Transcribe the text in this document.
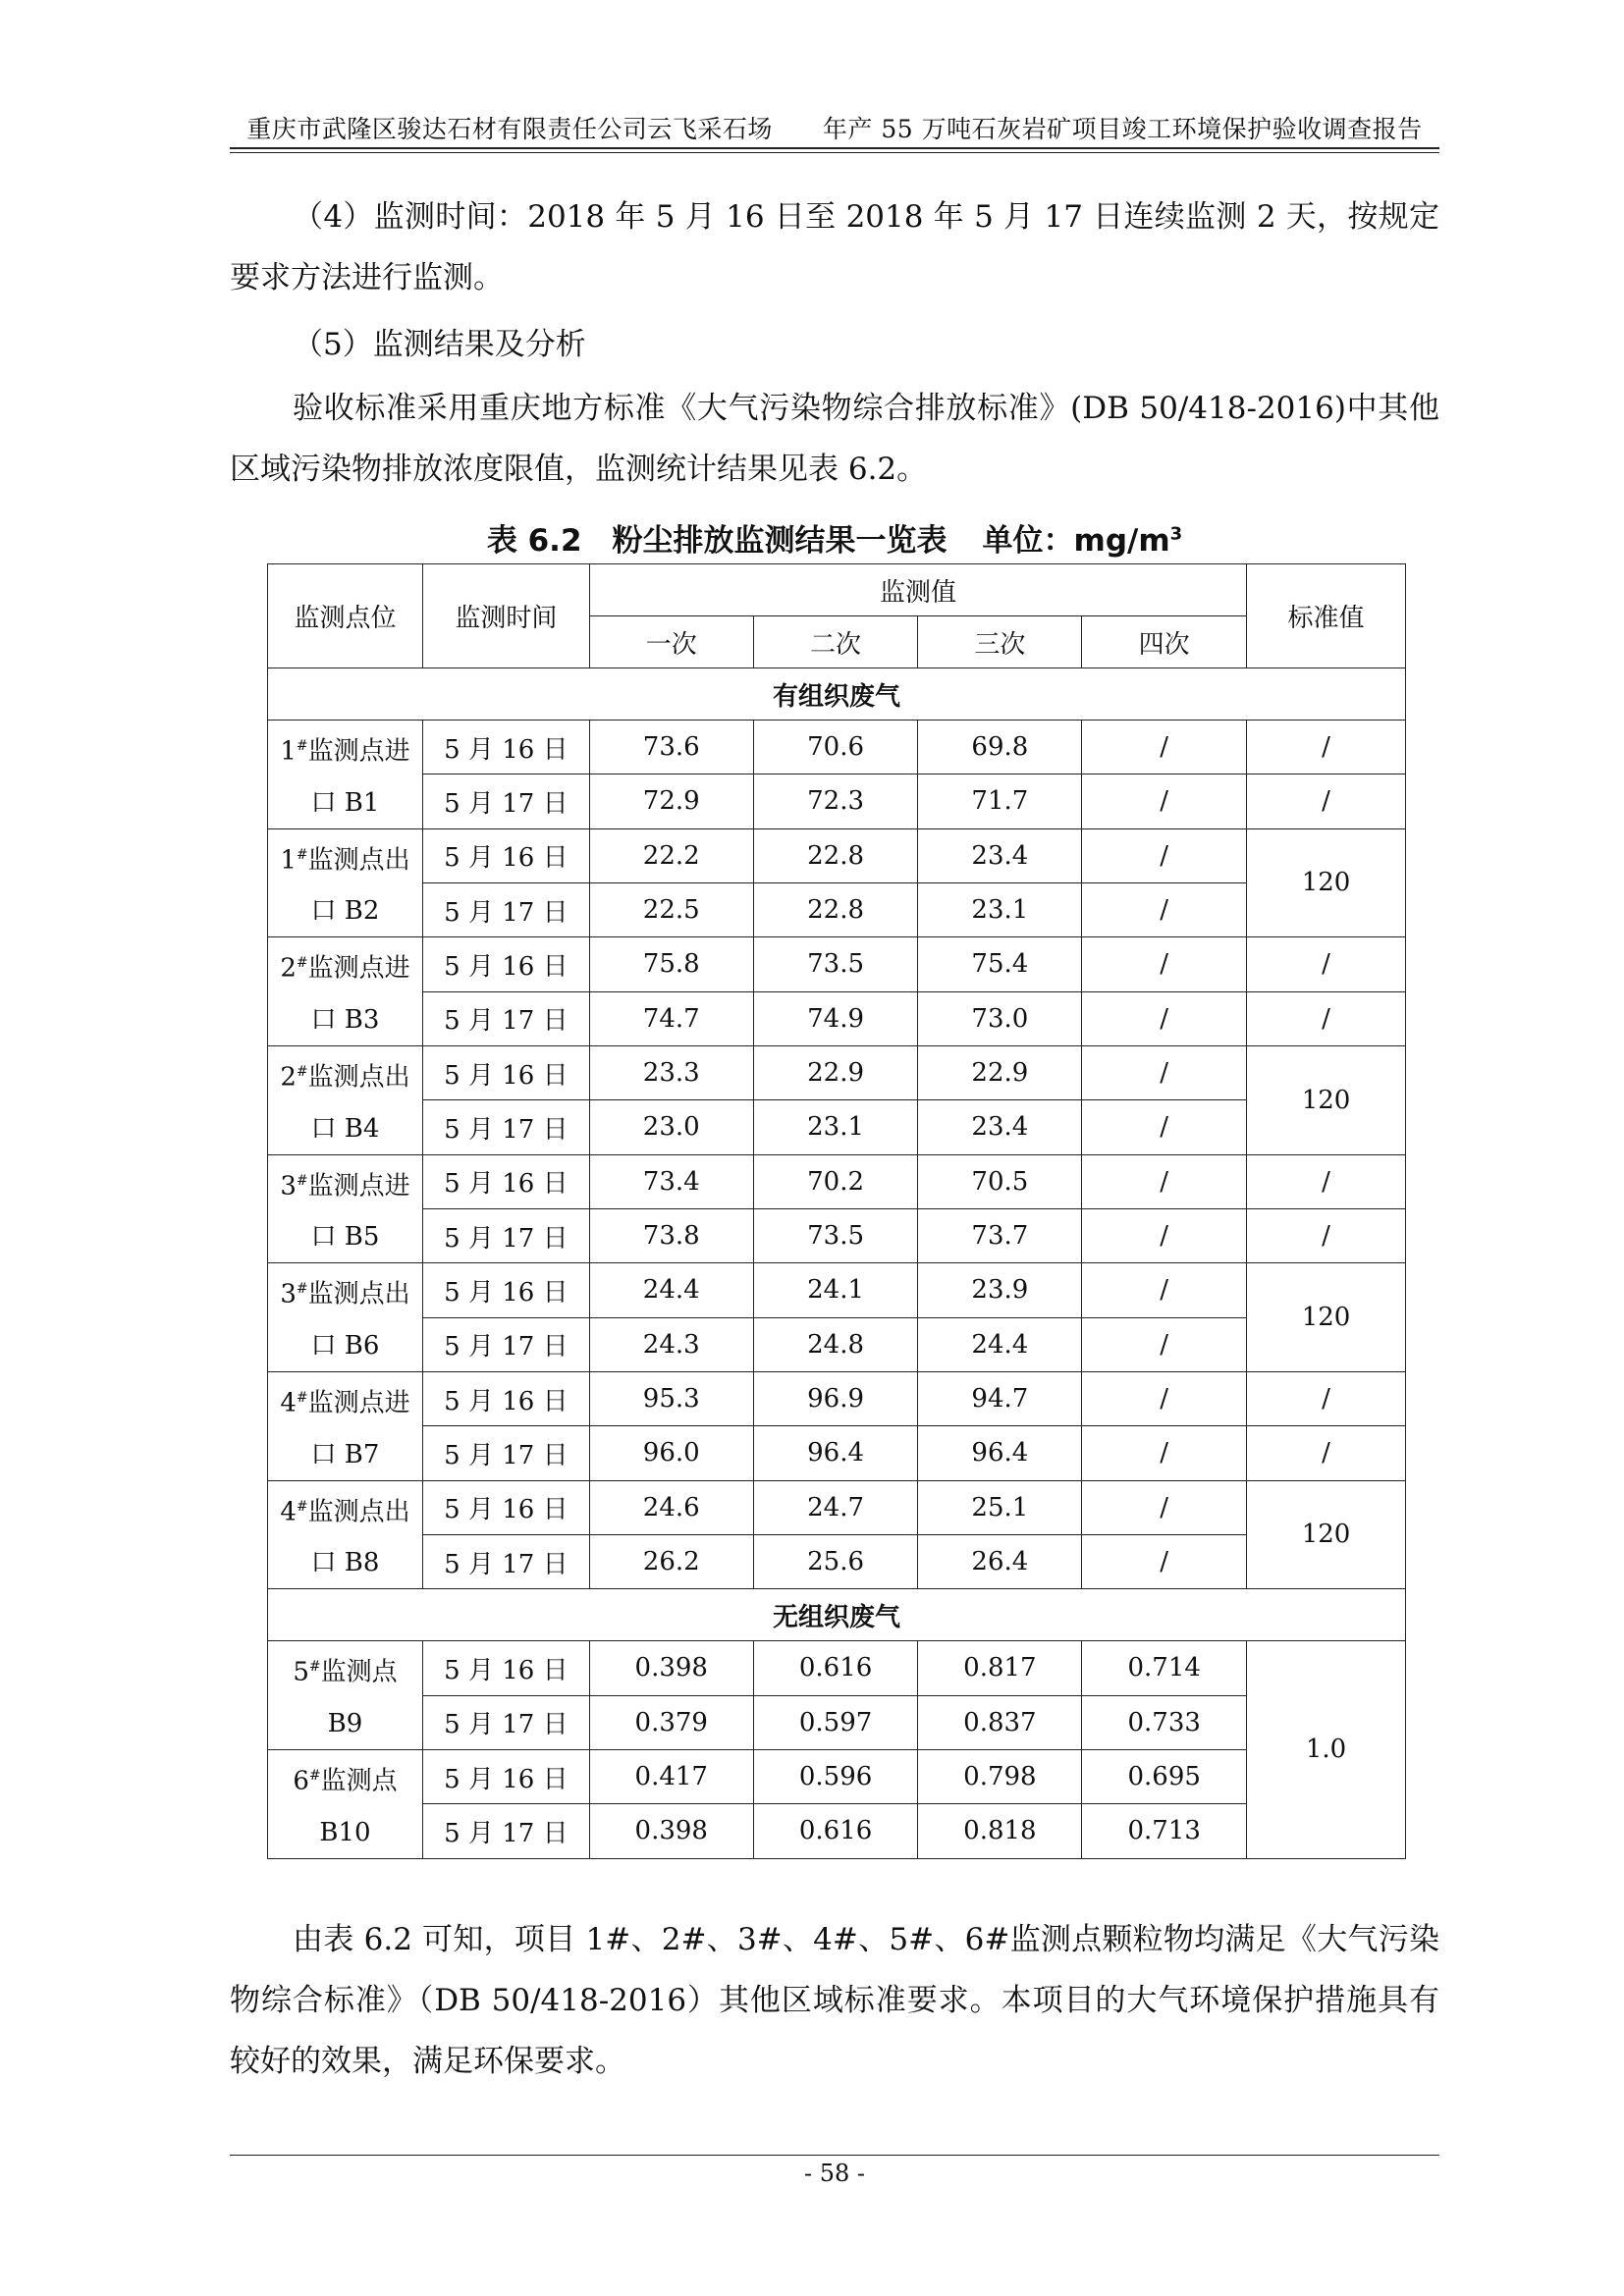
重庆市武隆区骏达石材有限责任公司云飞采石场　　年产 55 万吨石灰岩矿项目竣工环境保护验收调查报告
（4）监测时间：2018 年 5 月 16 日至 2018 年 5 月 17 日连续监测 2 天，按规定要求方法进行监测。
（5）监测结果及分析
验收标准采用重庆地方标准《大气污染物综合排放标准》(DB 50/418-2016)中其他区域污染物排放浓度限值，监测统计结果见表 6.2。
表 6.2　粉尘排放监测结果一览表 单位：$mg/m^3$
监测点位	监测时间	监测值				标准值
		一次	二次	三次	四次	
有组织废气						

1#监测点进
口 B1	5 月 16 日	73.6	70.6	69.8	/	/
	5 月 17 日	72.9	72.3	71.7	/	/

1#监测点出
口 B2	5 月 16 日	22.2	22.8	23.4	/	120
	5 月 17 日	22.5	22.8	23.1	/	

2#监测点进
口 B3	5 月 16 日	75.8	73.5	75.4	/	/
	5 月 17 日	74.7	74.9	73.0	/	/

2#监测点出
口 B4	5 月 16 日	23.3	22.9	22.9	/	120
	5 月 17 日	23.0	23.1	23.4	/	

3#监测点进
口 B5	5 月 16 日	73.4	70.2	70.5	/	/
	5 月 17 日	73.8	73.5	73.7	/	/

3#监测点出
口 B6	5 月 16 日	24.4	24.1	23.9	/	120
	5 月 17 日	24.3	24.8	24.4	/	

4#监测点进
口 B7	5 月 16 日	95.3	96.9	94.7	/	/
	5 月 17 日	96.0	96.4	96.4	/	/

4#监测点出
口 B8	5 月 16 日	24.6	24.7	25.1	/	120
	5 月 17 日	26.2	25.6	26.4	/	
无组织废气						

5#监测点
B9	5 月 16 日	0.398	0.616	0.817	0.714	1.0
	5 月 17 日	0.379	0.597	0.837	0.733	

6#监测点
B10	5 月 16 日	0.417	0.596	0.798	0.695	
	5 月 17 日	0.398	0.616	0.818	0.713	
由表 6.2 可知，项目 1#、2#、3#、4#、5#、6#监测点颗粒物均满足《大气污染物综合标准》（DB 50/418-2016）其他区域标准要求。本项目的大气环境保护措施具有较好的效果，满足环保要求。
- 58 -
